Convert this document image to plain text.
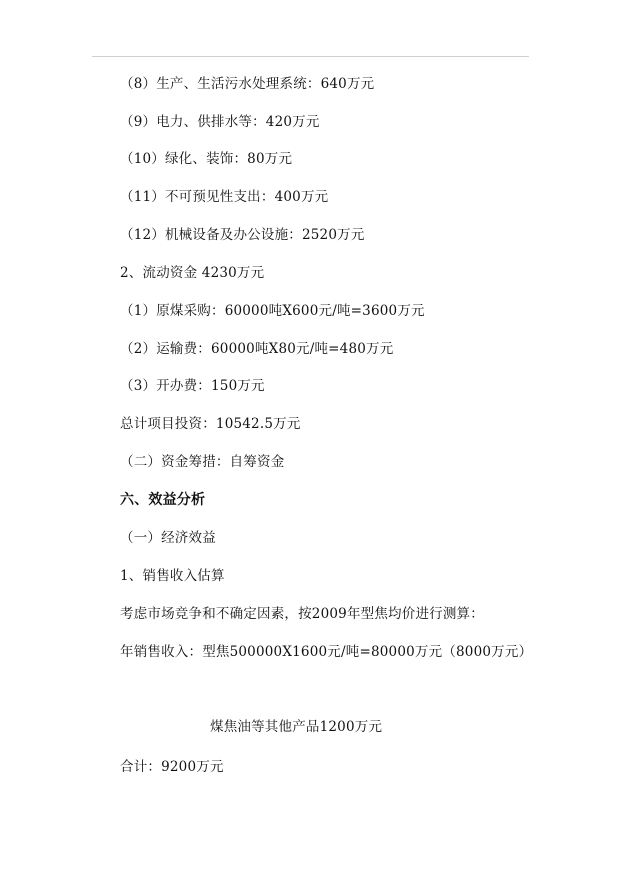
（8）生产、生活污水处理系统：640万元
（9）电力、供排水等：420万元
（10）绿化、装饰：80万元
（11）不可预见性支出：400万元
（12）机械设备及办公设施：2520万元
2、流动资金 4230万元
（1）原煤采购：60000吨X600元/吨=3600万元
（2）运输费：60000吨X80元/吨=480万元
（3）开办费：150万元
总计项目投资：10542.5万元
（二）资金筹措：自筹资金
六、效益分析
（一）经济效益
1、销售收入估算
考虑市场竞争和不确定因素，按2009年型焦均价进行测算：
年销售收入：型焦500000X1600元/吨=80000万元（8000万元）
煤焦油等其他产品1200万元
合计：9200万元
